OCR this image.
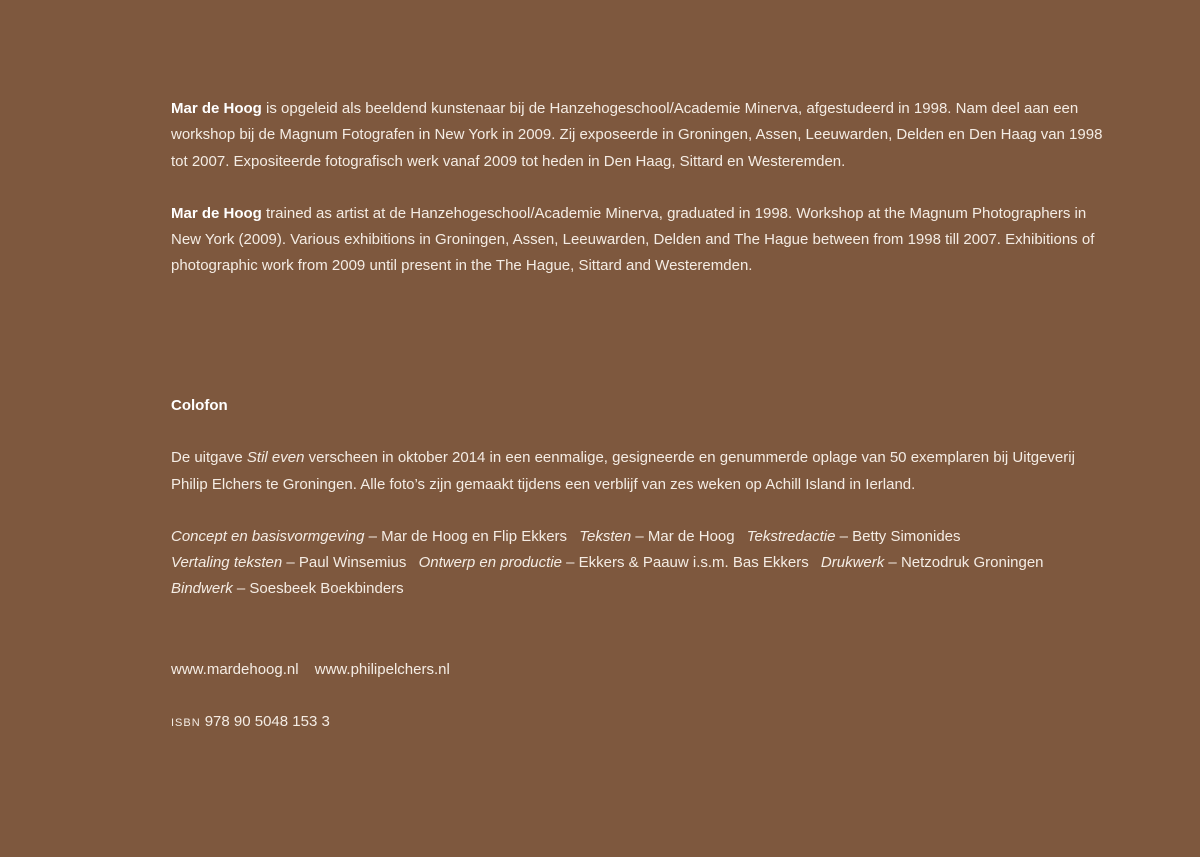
Mar de Hoog is opgeleid als beeldend kunstenaar bij de Hanzehogeschool/Academie Minerva, afgestudeerd in 1998. Nam deel aan een workshop bij de Magnum Fotografen in New York in 2009. Zij exposeerde in Groningen, Assen, Leeuwarden, Delden en Den Haag van 1998 tot 2007. Expositeerde fotografisch werk vanaf 2009 tot heden in Den Haag, Sittard en Westeremden.

Mar de Hoog trained as artist at de Hanzehogeschool/Academie Minerva, graduated in 1998. Workshop at the Magnum Photographers in New York (2009). Various exhibitions in Groningen, Assen, Leeuwarden, Delden and The Hague between from 1998 till 2007. Exhibitions of photographic work from 2009 until present in the The Hague, Sittard and Westeremden.

Colofon

De uitgave Stil even verscheen in oktober 2014 in een eenmalige, gesigneerde en genummerde oplage van 50 exemplaren bij Uitgeverij Philip Elchers te Groningen. Alle foto’s zijn gemaakt tijdens een verblijf van zes weken op Achill Island in Ierland.

Concept en basisvormgeving – Mar de Hoog en Flip Ekkers Teksten – Mar de Hoog Tekstredactie – Betty Simonides
Vertaling teksten – Paul Winsemius Ontwerp en productie – Ekkers & Paauw i.s.m. Bas Ekkers Drukwerk – Netzodruk Groningen
Bindwerk – Soesbeek Boekbinders
www.mardehoog.nl www.philipelchers.nl
ISBN 978 90 5048 153 3
